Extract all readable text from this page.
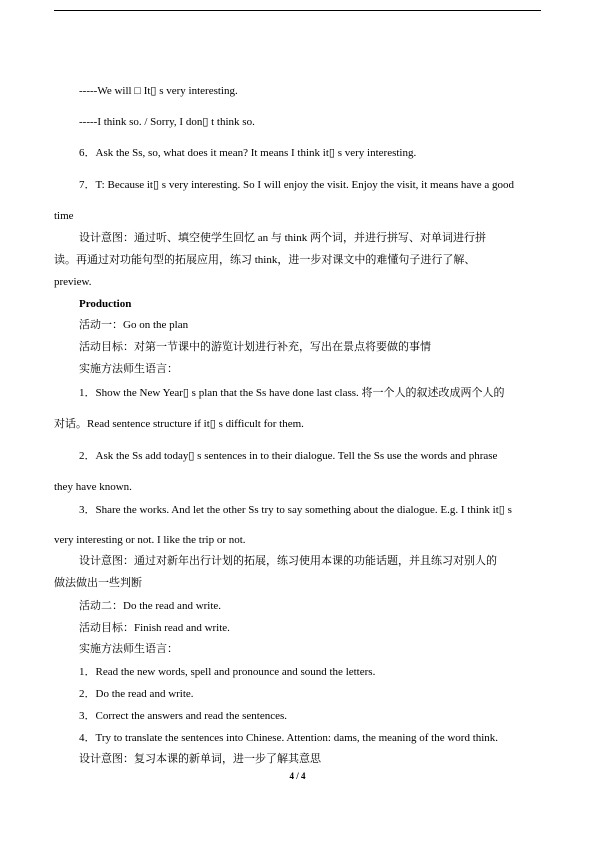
-----We will □ It▯ s very interesting.
-----I think so. / Sorry, I don▯ t think so.
6．Ask the Ss, so, what does it mean? It means I think it▯ s very interesting.
7．T: Because it▯ s very interesting. So I will enjoy the visit. Enjoy the visit, it means have a good
time
设计意图：通过听、填空使学生回忆 an 与 think 两个词，并进行拼写、对单词进行拼
读。再通过对功能句型的拓展应用，练习 think，进一步对课文中的难懂句子进行了解、
preview.
Production
活动一：Go on the plan
活动目标：对第一节课中的游览计划进行补充，写出在景点将要做的事情
实施方法师生语言：
1．Show the New Year▯ s plan that the Ss have done last class. 将一个人的叙述改成两个人的
对话。Read sentence structure if it▯ s difficult for them.
2．Ask the Ss add today▯ s sentences in to their dialogue. Tell the Ss use the words and phrase
they have known.
3．Share the works. And let the other Ss try to say something about the dialogue. E.g. I think it▯ s
very interesting or not. I like the trip or not.
设计意图：通过对新年出行计划的拓展，练习使用本课的功能话题，并且练习对别人的
做法做出一些判断
活动二：Do the read and write.
活动目标：Finish read and write.
实施方法师生语言：
1．Read the new words, spell and pronounce and sound the letters.
2．Do the read and write.
3．Correct the answers and read the sentences.
4．Try to translate the sentences into Chinese. Attention: dams, the meaning of the word think.
设计意图：复习本课的新单词，进一步了解其意思
4 / 4
